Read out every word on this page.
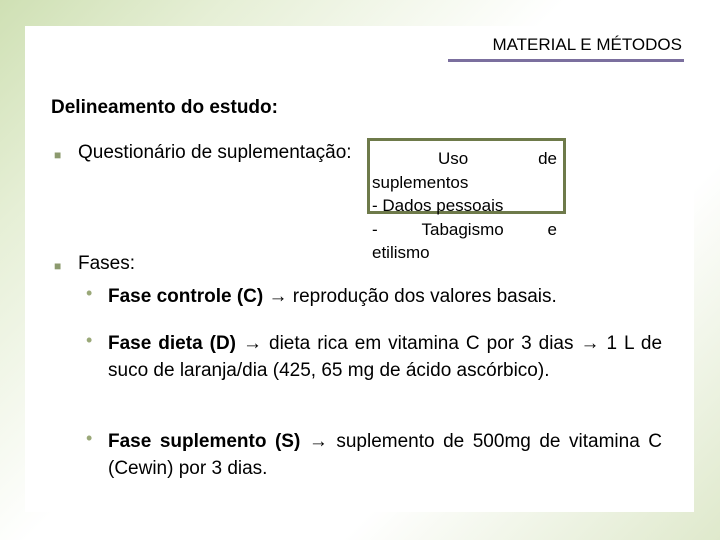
MATERIAL E MÉTODOS
Delineamento do estudo:
■ Questionário de suplementação:	Uso	de
suplementos
- Dados pessoais
-	Tabagismo	e
etilismo
■ Fases:
• Fase controle (C) → reprodução dos valores basais.
• Fase dieta (D) → dieta rica em vitamina C por 3 dias → 1 L de suco de laranja/dia (425, 65 mg de ácido ascórbico).
• Fase suplemento (S) → suplemento de 500mg de vitamina C (Cewin) por 3 dias.
